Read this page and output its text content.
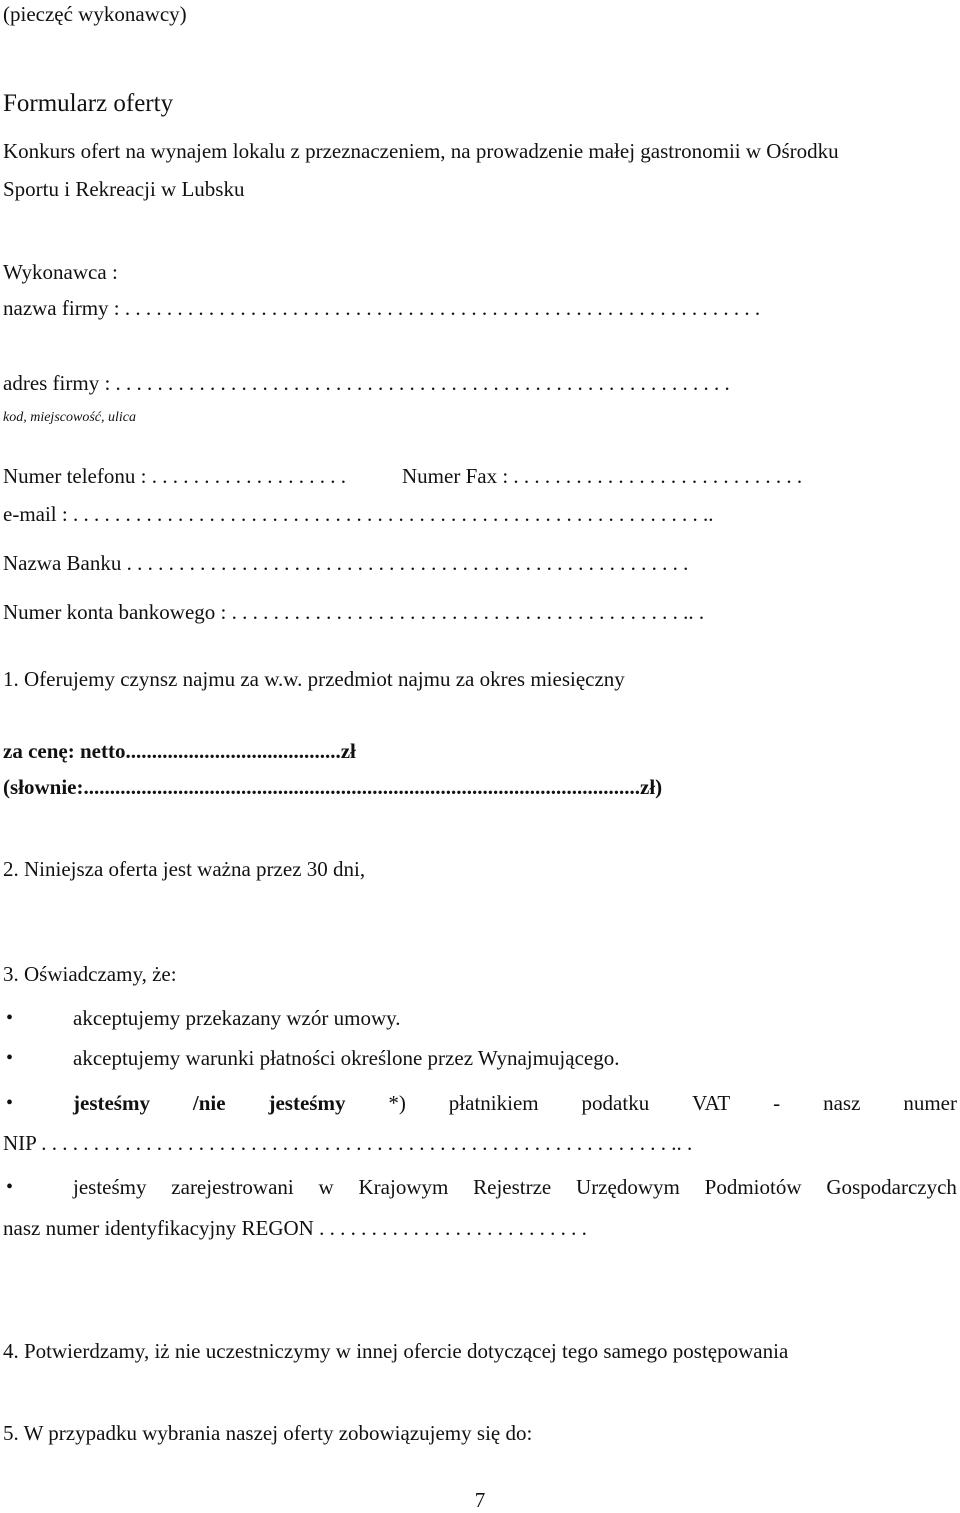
(pieczęć wykonawcy)
Formularz oferty
Konkurs ofert na wynajem lokalu z przeznaczeniem, na prowadzenie małej gastronomii w Ośrodku
Sportu i Rekreacji w Lubsku
Wykonawca :
nazwa firmy : . . . . . . . . . . . . . . . . . . . . . . . . . . . . . . . . . . . . . . . . . . . . . . . . . . . . . . . . . . . . .
adres firmy : . . . . . . . . . . . . . . . . . . . . . . . . . . . . . . . . . . . . . . . . . . . . . . . . . . . . . . . . . . .
kod, miejscowość, ulica
Numer telefonu : . . . . . . . . . . . . . . . . . . .	Numer Fax : . . . . . . . . . . . . . . . . . . . . . . . . . . . .
e-mail : . . . . . . . . . . . . . . . . . . . . . . . . . . . . . . . . . . . . . . . . . . . . . . . . . . . . . . . . . . . . ..
Nazwa Banku . . . . . . . . . . . . . . . . . . . . . . . . . . . . . . . . . . . . . . . . . . . . . . . . . . . . . .
Numer konta bankowego : . . . . . . . . . . . . . . . . . . . . . . . . . . . . . . . . . . . . . . . . . . . .. .
1. Oferujemy czynsz najmu za w.w. przedmiot najmu za okres miesięczny
za cenę: netto.........................................zł
(słownie:..........................................................................................................zł)
2. Niniejsza oferta jest ważna przez 30 dni,
3. Oświadczamy, że:
•	akceptujemy przekazany wzór umowy.
•	akceptujemy warunki płatności określone przez Wynajmującego.
•	jesteśmy /nie jesteśmy *) płatnikiem podatku VAT - nasz numer
NIP . . . . . . . . . . . . . . . . . . . . . . . . . . . . . . . . . . . . . . . . . . . . . . . . . . . . . . . . . . . . .. .
•	jesteśmy zarejestrowani w Krajowym Rejestrze Urzędowym Podmiotów Gospodarczych
nasz numer identyfikacyjny REGON . . . . . . . . . . . . . . . . . . . . . . . . . .
4. Potwierdzamy, iż nie uczestniczymy w innej ofercie dotyczącej tego samego postępowania
5. W przypadku wybrania naszej oferty zobowiązujemy się do:
7
